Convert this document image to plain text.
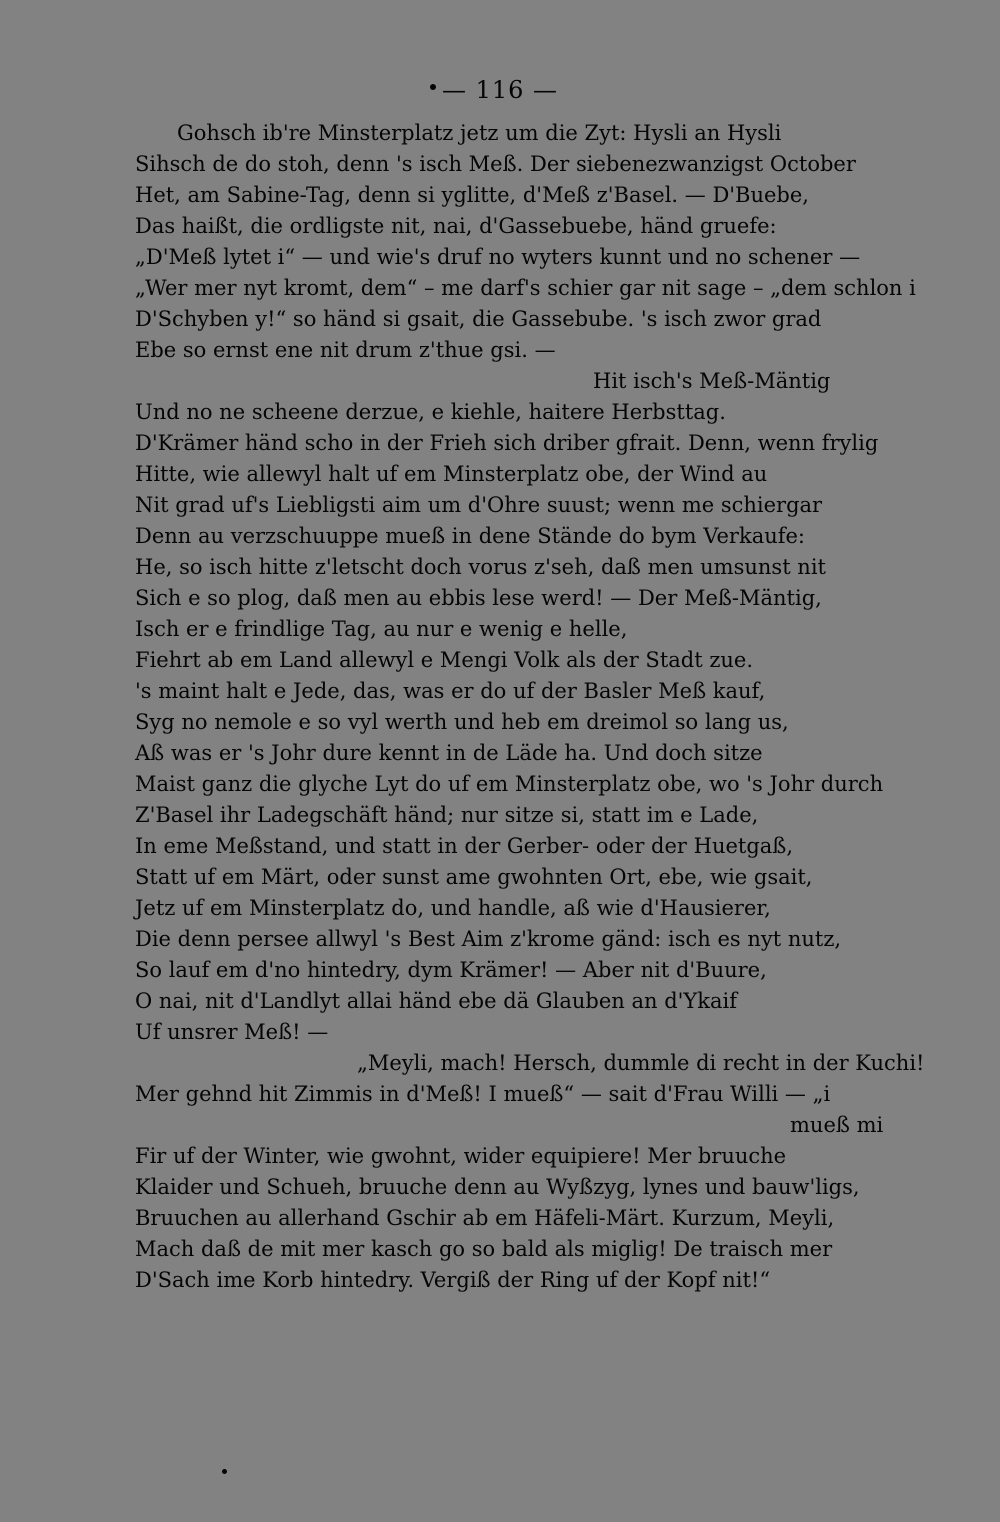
— 116 —
Gohsch ib're Minsterplatz jetz um die Zyt: Hysli an Hysli
Sihsch de do stoh, denn 's isch Meß. Der siebenezwanzigst October
Het, am Sabine-Tag, denn si yglitte, d'Meß z'Basel. — D'Buebe,
Das haißt, die ordligste nit, nai, d'Gassebuebe, händ gruefe:
„D'Meß lytet i“ — und wie's druf no wyters kunnt und no schener —
„Wer mer nyt kromt, dem“ – me darf's schier gar nit sage – „dem schlon i
D'Schyben y!“ so händ si gsait, die Gassebube. 's isch zwor grad
Ebe so ernst ene nit drum z'thue gsi. —
Hit isch's Meß-Mäntig
Und no ne scheene derzue, e kiehle, haitere Herbsttag.
D'Krämer händ scho in der Frieh sich driber gfrait. Denn, wenn frylig
Hitte, wie allewyl halt uf em Minsterplatz obe, der Wind au
Nit grad uf's Liebligsti aim um d'Ohre suust; wenn me schiergar
Denn au verzschuuppe mueß in dene Stände do bym Verkaufe:
He, so isch hitte z'letscht doch vorus z'seh, daß men umsunst nit
Sich e so plog, daß men au ebbis lese werd! — Der Meß-Mäntig,
Isch er e frindlige Tag, au nur e wenig e helle,
Fiehrt ab em Land allewyl e Mengi Volk als der Stadt zue.
's maint halt e Jede, das, was er do uf der Basler Meß kauf,
Syg no nemole e so vyl werth und heb em dreimol so lang us,
Aß was er 's Johr dure kennt in de Läde ha. Und doch sitze
Maist ganz die glyche Lyt do uf em Minsterplatz obe, wo 's Johr durch
Z'Basel ihr Ladegschäft händ; nur sitze si, statt im e Lade,
In eme Meßstand, und statt in der Gerber- oder der Huetgaß,
Statt uf em Märt, oder sunst ame gwohnten Ort, ebe, wie gsait,
Jetz uf em Minsterplatz do, und handle, aß wie d'Hausierer,
Die denn persee allwyl 's Best Aim z'krome gänd: isch es nyt nutz,
So lauf em d'no hintedry, dym Krämer! — Aber nit d'Buure,
O nai, nit d'Landlyt allai händ ebe dä Glauben an d'Ykaif
Uf unsrer Meß! —
„Meyli, mach! Hersch, dummle di recht in der Kuchi!
Mer gehnd hit Zimmis in d'Meß! I mueß“ — sait d'Frau Willi — „i
mueß mi
Fir uf der Winter, wie gwohnt, wider equipiere! Mer bruuche
Klaider und Schueh, bruuche denn au Wyßzyg, lynes und bauw'ligs,
Bruuchen au allerhand Gschir ab em Häfeli-Märt. Kurzum, Meyli,
Mach daß de mit mer kasch go so bald als miglig! De traisch mer
D'Sach ime Korb hintedry. Vergiß der Ring uf der Kopf nit!“
